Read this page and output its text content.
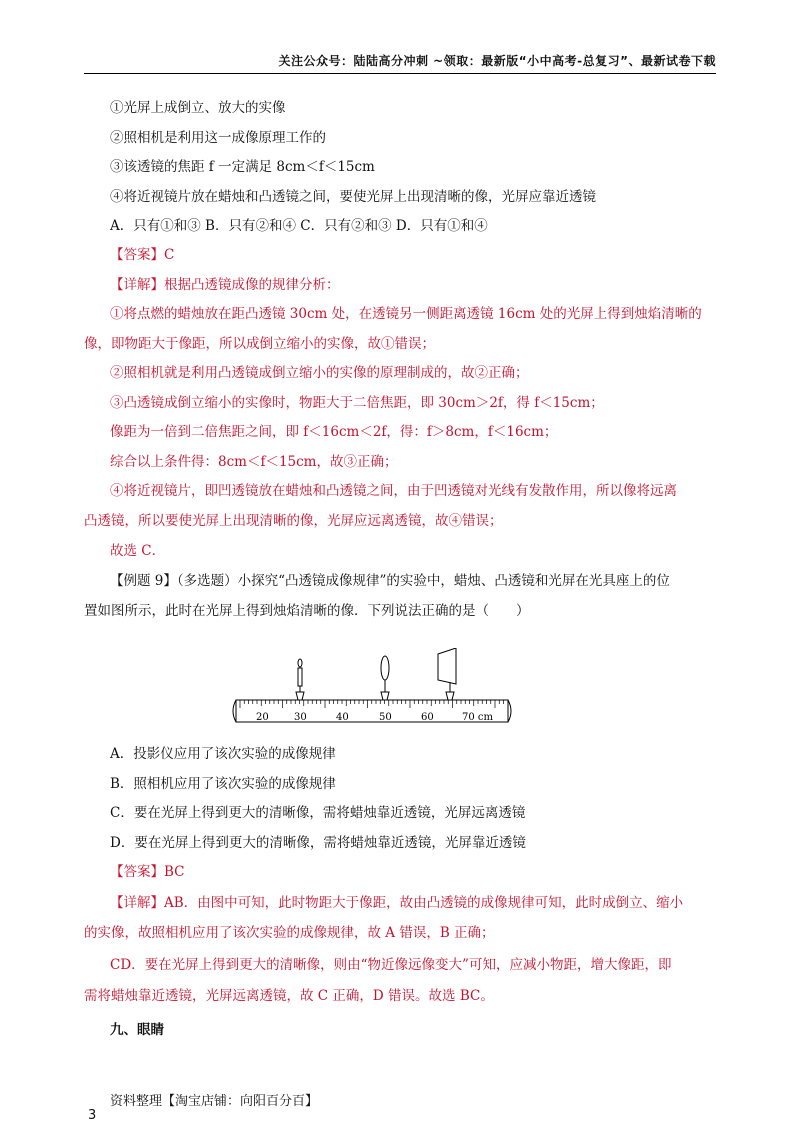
关注公众号：陆陆高分冲刺 ~领取：最新版“小中高考-总复习”、最新试卷下载
①光屏上成倒立、放大的实像
②照相机是利用这一成像原理工作的
③该透镜的焦距 f 一定满足 8cm＜f＜15cm
④将近视镜片放在蜡烛和凸透镜之间，要使光屏上出现清晰的像，光屏应靠近透镜
A．只有①和③ B．只有②和④ C．只有②和③ D．只有①和④
【答案】C
【详解】根据凸透镜成像的规律分析：
①将点燃的蜡烛放在距凸透镜 30cm 处，在透镜另一侧距离透镜 16cm 处的光屏上得到烛焰清晰的
像，即物距大于像距，所以成倒立缩小的实像，故①错误；
②照相机就是利用凸透镜成倒立缩小的实像的原理制成的，故②正确；
③凸透镜成倒立缩小的实像时，物距大于二倍焦距，即 30cm＞2f，得 f＜15cm；
像距为一倍到二倍焦距之间，即 f＜16cm＜2f，得：f＞8cm，f＜16cm；
综合以上条件得：8cm＜f＜15cm，故③正确；
④将近视镜片，即凹透镜放在蜡烛和凸透镜之间，由于凹透镜对光线有发散作用，所以像将远离
凸透镜，所以要使光屏上出现清晰的像，光屏应远离透镜，故④错误；
故选 C．
【例题 9】（多选题）小探究“凸透镜成像规律”的实验中，蜡烛、凸透镜和光屏在光具座上的位
置如图所示，此时在光屏上得到烛焰清晰的像．下列说法正确的是（　　）
20	30	40	50	60	70 cm
A．投影仪应用了该次实验的成像规律
B．照相机应用了该次实验的成像规律
C．要在光屏上得到更大的清晰像，需将蜡烛靠近透镜，光屏远离透镜
D．要在光屏上得到更大的清晰像，需将蜡烛靠近透镜，光屏靠近透镜
【答案】BC
【详解】AB．由图中可知，此时物距大于像距，故由凸透镜的成像规律可知，此时成倒立、缩小
的实像，故照相机应用了该次实验的成像规律，故 A 错误，B 正确；
CD．要在光屏上得到更大的清晰像，则由“物近像远像变大”可知，应减小物距，增大像距，即
需将蜡烛靠近透镜，光屏远离透镜，故 C 正确，D 错误。故选 BC。
九、眼睛
资料整理【淘宝店铺：向阳百分百】
3
